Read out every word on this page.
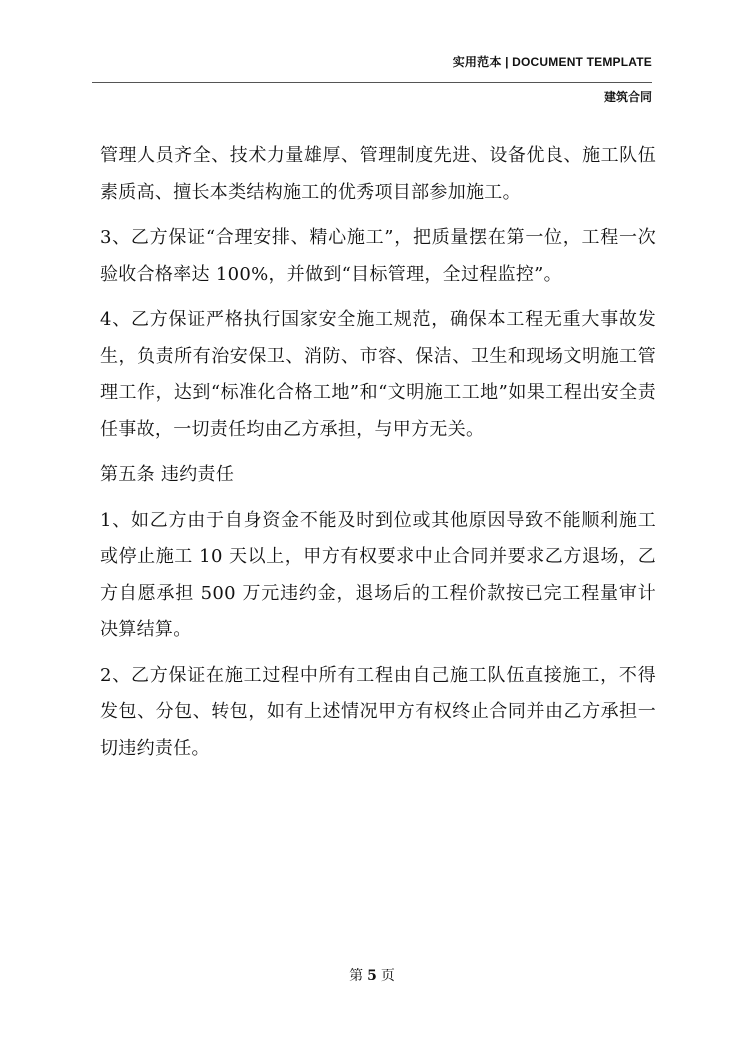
实用范本 | DOCUMENT TEMPLATE
建筑合同

管理人员齐全、技术力量雄厚、管理制度先进、设备优良、施工队伍素质高、擅长本类结构施工的优秀项目部参加施工。

3、乙方保证“合理安排、精心施工”，把质量摆在第一位，工程一次验收合格率达 100%，并做到“目标管理，全过程监控”。

4、乙方保证严格执行国家安全施工规范，确保本工程无重大事故发生，负责所有治安保卫、消防、市容、保洁、卫生和现场文明施工管理工作，达到“标准化合格工地”和“文明施工工地”如果工程出安全责任事故，一切责任均由乙方承担，与甲方无关。

第五条 违约责任

1、如乙方由于自身资金不能及时到位或其他原因导致不能顺利施工或停止施工 10 天以上，甲方有权要求中止合同并要求乙方退场，乙方自愿承担 500 万元违约金，退场后的工程价款按已完工程量审计决算结算。

2、乙方保证在施工过程中所有工程由自己施工队伍直接施工，不得发包、分包、转包，如有上述情况甲方有权终止合同并由乙方承担一切违约责任。

第 5 页
